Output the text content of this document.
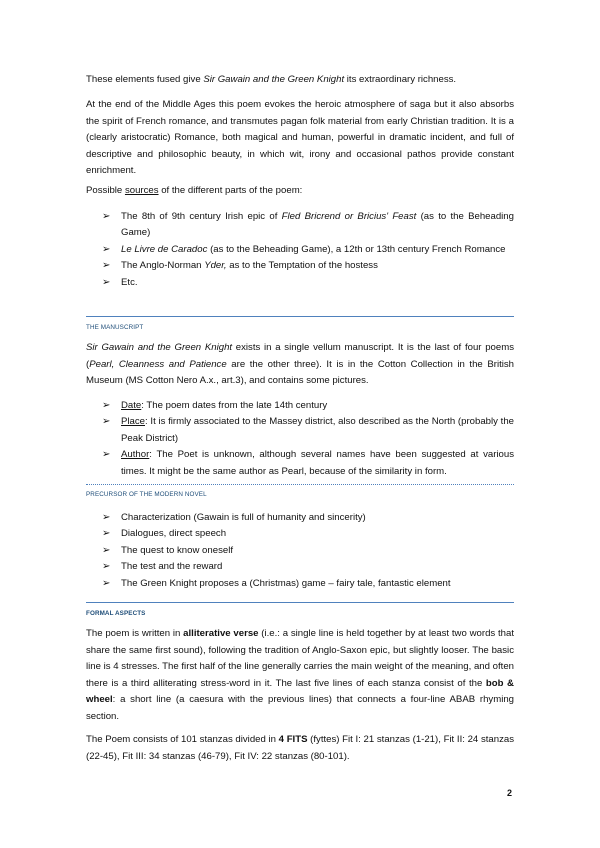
These elements fused give Sir Gawain and the Green Knight its extraordinary richness.

At the end of the Middle Ages this poem evokes the heroic atmosphere of saga but it also absorbs the spirit of French romance, and transmutes pagan folk material from early Christian tradition. It is a (clearly aristocratic) Romance, both magical and human, powerful in dramatic incident, and full of descriptive and philosophic beauty, in which wit, irony and occasional pathos provide constant enrichment.

Possible sources of the different parts of the poem:

➢ The 8th of 9th century Irish epic of Fled Bricrend or Bricius' Feast (as to the Beheading Game)
➢ Le Livre de Caradoc (as to the Beheading Game), a 12th or 13th century French Romance
➢ The Anglo-Norman Yder, as to the Temptation of the hostess
➢ Etc.
THE MANUSCRIPT

Sir Gawain and the Green Knight exists in a single vellum manuscript. It is the last of four poems (Pearl, Cleanness and Patience are the other three). It is in the Cotton Collection in the British Museum (MS Cotton Nero A.x., art.3), and contains some pictures.

➢ Date: The poem dates from the late 14th century
➢ Place: It is firmly associated to the Massey district, also described as the North (probably the Peak District)
➢ Author: The Poet is unknown, although several names have been suggested at various times. It might be the same author as Pearl, because of the similarity in form.
PRECURSOR OF THE MODERN NOVEL
➢ Characterization (Gawain is full of humanity and sincerity)
➢ Dialogues, direct speech
➢ The quest to know oneself
➢ The test and the reward
➢ The Green Knight proposes a (Christmas) game – fairy tale, fantastic element
FORMAL ASPECTS

The poem is written in alliterative verse (i.e.: a single line is held together by at least two words that share the same first sound), following the tradition of Anglo-Saxon epic, but slightly looser. The basic line is 4 stresses. The first half of the line generally carries the main weight of the meaning, and often there is a third alliterating stress-word in it. The last five lines of each stanza consist of the bob & wheel: a short line (a caesura with the previous lines) that connects a four-line ABAB rhyming section.

The Poem consists of 101 stanzas divided in 4 FITS (fyttes) Fit I: 21 stanzas (1-21), Fit II: 24 stanzas (22-45), Fit III: 34 stanzas (46-79), Fit IV: 22 stanzas (80-101).

2
